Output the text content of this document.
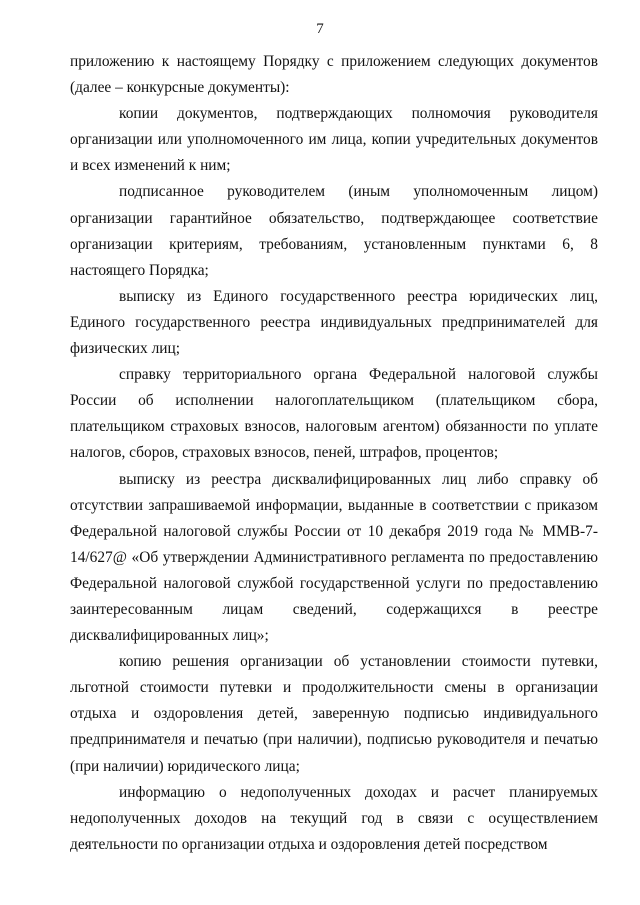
7

приложению к настоящему Порядку с приложением следующих документов (далее – конкурсные документы):

копии документов, подтверждающих полномочия руководителя организации или уполномоченного им лица, копии учредительных документов и всех изменений к ним;

подписанное руководителем (иным уполномоченным лицом) организации гарантийное обязательство, подтверждающее соответствие организации критериям, требованиям, установленным пунктами 6, 8 настоящего Порядка;

выписку из Единого государственного реестра юридических лиц, Единого государственного реестра индивидуальных предпринимателей для физических лиц;

справку территориального органа Федеральной налоговой службы России об исполнении налогоплательщиком (плательщиком сбора, плательщиком страховых взносов, налоговым агентом) обязанности по уплате налогов, сборов, страховых взносов, пеней, штрафов, процентов;

выписку из реестра дисквалифицированных лиц либо справку об отсутствии запрашиваемой информации, выданные в соответствии с приказом Федеральной налоговой службы России от 10 декабря 2019 года № ММВ-7-14/627@ «Об утверждении Административного регламента по предоставлению Федеральной налоговой службой государственной услуги по предоставлению заинтересованным лицам сведений, содержащихся в реестре дисквалифицированных лиц»;

копию решения организации об установлении стоимости путевки, льготной стоимости путевки и продолжительности смены в организации отдыха и оздоровления детей, заверенную подписью индивидуального предпринимателя и печатью (при наличии), подписью руководителя и печатью (при наличии) юридического лица;

информацию о недополученных доходах и расчет планируемых недополученных доходов на текущий год в связи с осуществлением деятельности по организации отдыха и оздоровления детей посредством
